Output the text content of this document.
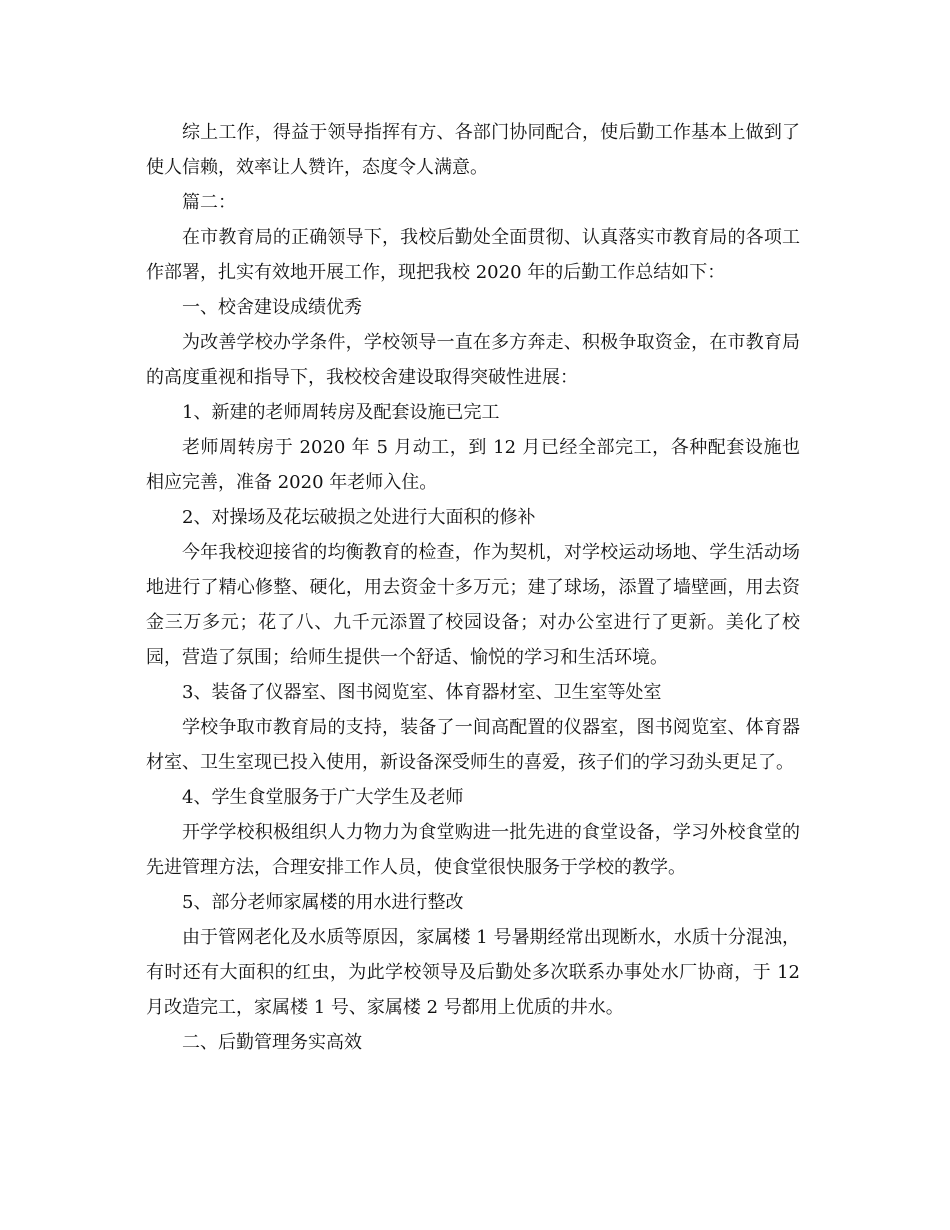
综上工作，得益于领导指挥有方、各部门协同配合，使后勤工作基本上做到了使人信赖，效率让人赞许，态度令人满意。

篇二：

在市教育局的正确领导下，我校后勤处全面贯彻、认真落实市教育局的各项工作部署，扎实有效地开展工作，现把我校 2020 年的后勤工作总结如下：

一、校舍建设成绩优秀

为改善学校办学条件，学校领导一直在多方奔走、积极争取资金，在市教育局的高度重视和指导下，我校校舍建设取得突破性进展：

1、新建的老师周转房及配套设施已完工

老师周转房于 2020 年 5 月动工，到 12 月已经全部完工，各种配套设施也相应完善，准备 2020 年老师入住。

2、对操场及花坛破损之处进行大面积的修补

今年我校迎接省的均衡教育的检查，作为契机，对学校运动场地、学生活动场地进行了精心修整、硬化，用去资金十多万元；建了球场，添置了墙壁画，用去资金三万多元；花了八、九千元添置了校园设备；对办公室进行了更新。美化了校园，营造了氛围；给师生提供一个舒适、愉悦的学习和生活环境。

3、装备了仪器室、图书阅览室、体育器材室、卫生室等处室

学校争取市教育局的支持，装备了一间高配置的仪器室，图书阅览室、体育器材室、卫生室现已投入使用，新设备深受师生的喜爱，孩子们的学习劲头更足了。

4、学生食堂服务于广大学生及老师

开学学校积极组织人力物力为食堂购进一批先进的食堂设备，学习外校食堂的先进管理方法，合理安排工作人员，使食堂很快服务于学校的教学。

5、部分老师家属楼的用水进行整改

由于管网老化及水质等原因，家属楼 1 号暑期经常出现断水，水质十分混浊，有时还有大面积的红虫，为此学校领导及后勤处多次联系办事处水厂协商，于 12 月改造完工，家属楼 1 号、家属楼 2 号都用上优质的井水。

二、后勤管理务实高效
